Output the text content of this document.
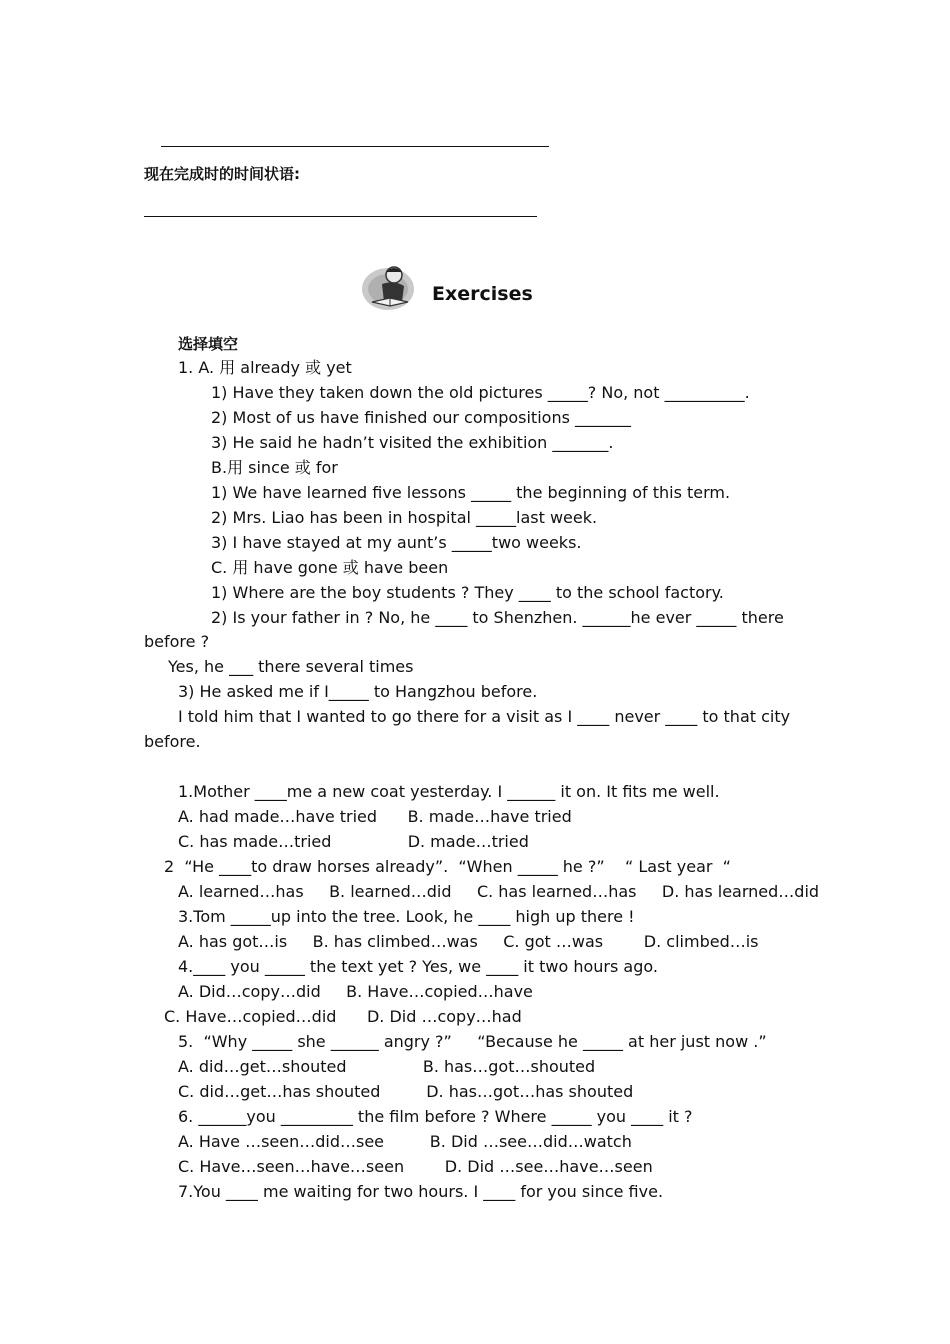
现在完成时的时间状语:
Exercises
选择填空
1. A. 用 already 或 yet
1) Have they taken down the old pictures _____? No, not __________.
2) Most of us have finished our compositions _______
3) He said he hadn’t visited the exhibition _______.
B.用 since 或 for
1) We have learned five lessons _____ the beginning of this term.
2) Mrs. Liao has been in hospital _____last week.
3) I have stayed at my aunt’s _____two weeks.
C. 用 have gone 或 have been
1) Where are the boy students ? They ____ to the school factory.
2) Is your father in ? No, he ____ to Shenzhen. ______he ever _____ there
before ?
Yes, he ___ there several times
3) He asked me if I_____ to Hangzhou before.
I told him that I wanted to go there for a visit as I ____ never ____ to that city
before.
1.Mother ____me a new coat yesterday. I ______ it on. It fits me well.
A. had made…have tried      B. made…have tried
C. has made…tried               D. made…tried
2  “He ____to draw horses already”.  “When _____ he ?”    “ Last year  “
A. learned…has     B. learned…did     C. has learned…has     D. has learned…did
3.Tom _____up into the tree. Look, he ____ high up there !
A. has got…is     B. has climbed…was     C. got …was        D. climbed…is
4.____ you _____ the text yet ? Yes, we ____ it two hours ago.
A. Did…copy…did     B. Have…copied…have
C. Have…copied…did      D. Did …copy…had
5.  “Why _____ she ______ angry ?”     “Because he _____ at her just now .”
A. did…get…shouted               B. has…got…shouted
C. did…get…has shouted         D. has…got…has shouted
6. ______you _________ the film before ? Where _____ you ____ it ?
A. Have …seen…did…see         B. Did …see…did…watch
C. Have…seen…have…seen        D. Did …see…have…seen
7.You ____ me waiting for two hours. I ____ for you since five.
